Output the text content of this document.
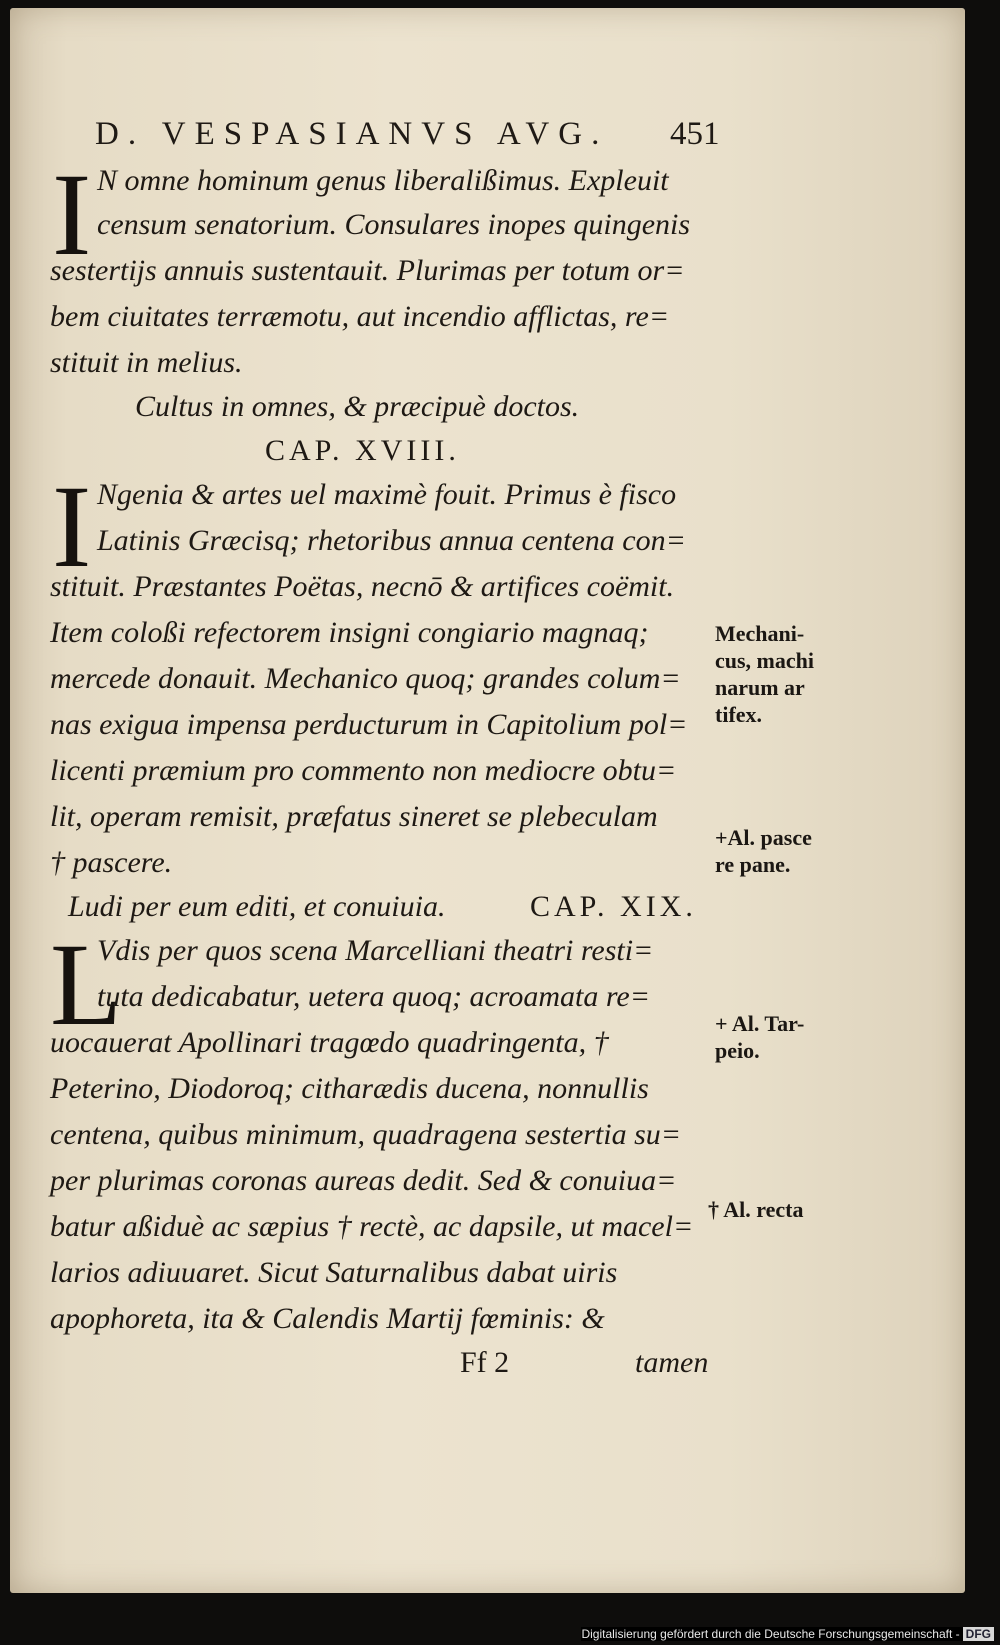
D. VESPASIANVS AVG.	451
I N omne hominum genus liberalißimus. Expleuit
censum senatorium. Consulares inopes quingenis
sestertijs annuis sustentauit. Plurimas per totum or=
bem ciuitates terræmotu, aut incendio afflictas, re=
stituit in melius.
Cultus in omnes, & præcipuè doctos.
CAP. XVIII.
I Ngenia & artes uel maximè fouit. Primus è fisco
Latinis Græcisq; rhetoribus annua centena con=
stituit. Præstantes Poëtas, necnō & artifices coëmit.
Item coloßi refectorem insigni congiario magnaq;
mercede donauit. Mechanico quoq; grandes colum=
nas exigua impensa perducturum in Capitolium pol=
licenti præmium pro commento non mediocre obtu=
lit, operam remisit, præfatus sineret se plebeculam
† pascere.
Ludi per eum editi, et conuiuia.	CAP. XIX.
L
Vdis per quos scena Marcelliani theatri resti=
tuta dedicabatur, uetera quoq; acroamata re=
uocauerat Apollinari tragœdo quadringenta, †
Peterino, Diodoroq; citharædis ducena, nonnullis
centena, quibus minimum, quadragena sestertia su=
per plurimas coronas aureas dedit. Sed & conuiua=
batur aßiduè ac sæpius † rectè, ac dapsile, ut macel=
larios adiuuaret. Sicut Saturnalibus dabat uiris
apophoreta, ita & Calendis Martij fœminis: &
Ff 2	tamen
Mechani-
cus, machi
narum ar
tifex.
+Al. pasce
re pane.
+ Al. Tar-
peio.
† Al. recta
Digitalisierung gefördert durch die Deutsche Forschungsgemeinschaft - DFG
